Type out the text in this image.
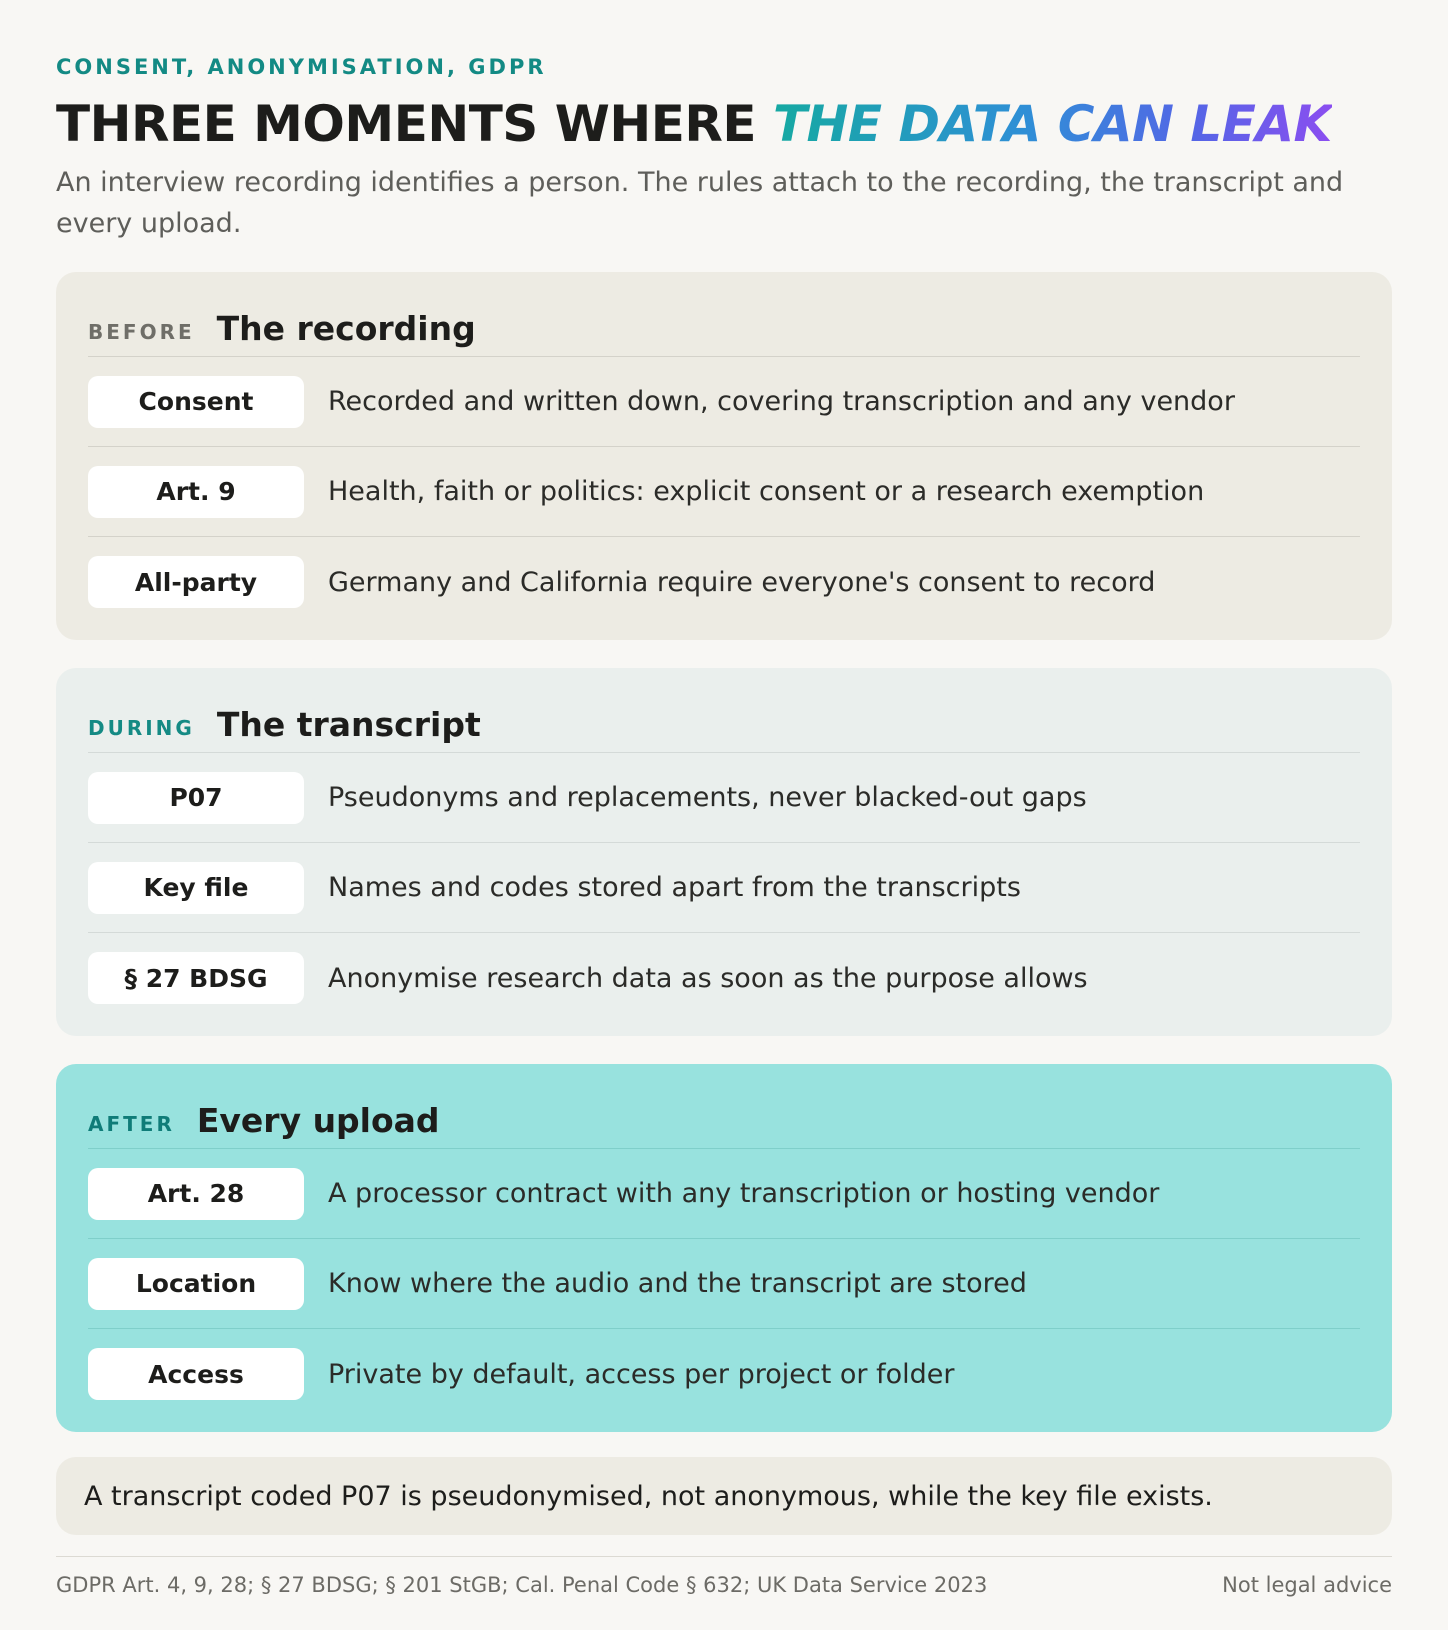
CONSENT, ANONYMISATION, GDPR
THREE MOMENTS WHERE THE DATA CAN LEAK

An interview recording identifies a person. The rules attach to the recording, the transcript and every upload.

BEFORE The recording
Consent	Recorded and written down, covering transcription and any vendor
Art. 9	Health, faith or politics: explicit consent or a research exemption
All-party	Germany and California require everyone's consent to record
DURING The transcript
P07	Pseudonyms and replacements, never blacked-out gaps
Key file	Names and codes stored apart from the transcripts
§ 27 BDSG	Anonymise research data as soon as the purpose allows
AFTER Every upload
Art. 28	A processor contract with any transcription or hosting vendor
Location	Know where the audio and the transcript are stored
Access	Private by default, access per project or folder
A transcript coded P07 is pseudonymised, not anonymous, while the key file exists.
GDPR Art. 4, 9, 28; § 27 BDSG; § 201 StGB; Cal. Penal Code § 632; UK Data Service 2023	Not legal advice
